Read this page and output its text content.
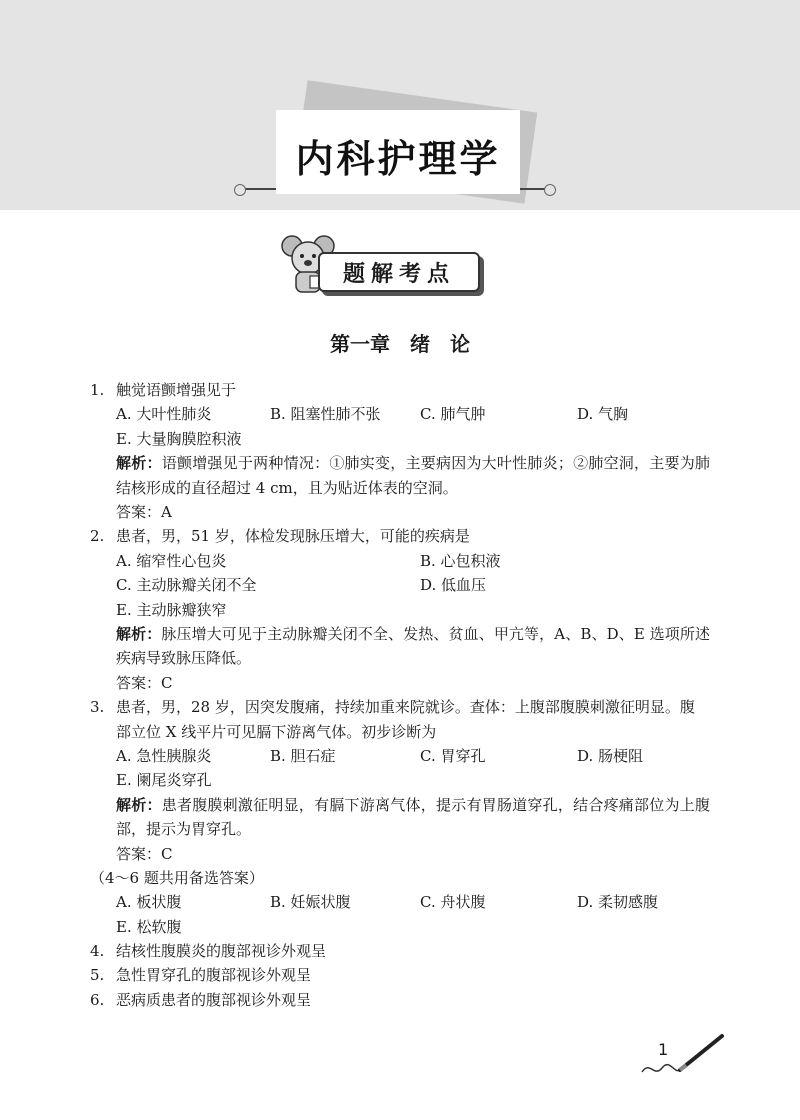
内科护理学
题解考点
第一章 绪 论
1. 触觉语颤增强见于
A. 大叶性肺炎	B. 阻塞性肺不张	C. 肺气肿	D. 气胸
E. 大量胸膜腔积液
解析：语颤增强见于两种情况：①肺实变，主要病因为大叶性肺炎；②肺空洞，主要为肺结核形成的直径超过 4 cm，且为贴近体表的空洞。
答案：A
2. 患者，男，51 岁，体检发现脉压增大，可能的疾病是
A. 缩窄性心包炎	B. 心包积液
C. 主动脉瓣关闭不全	D. 低血压
E. 主动脉瓣狭窄
解析：脉压增大可见于主动脉瓣关闭不全、发热、贫血、甲亢等，A、B、D、E 选项所述疾病导致脉压降低。
答案：C
3. 患者，男，28 岁，因突发腹痛，持续加重来院就诊。查体：上腹部腹膜刺激征明显。腹
部立位 X 线平片可见膈下游离气体。初步诊断为
A. 急性胰腺炎	B. 胆石症	C. 胃穿孔	D. 肠梗阻
E. 阑尾炎穿孔
解析：患者腹膜刺激征明显，有膈下游离气体，提示有胃肠道穿孔，结合疼痛部位为上腹部，提示为胃穿孔。
答案：C
（4～6 题共用备选答案）
A. 板状腹	B. 妊娠状腹	C. 舟状腹	D. 柔韧感腹
E. 松软腹
4. 结核性腹膜炎的腹部视诊外观呈
5. 急性胃穿孔的腹部视诊外观呈
6. 恶病质患者的腹部视诊外观呈
1
